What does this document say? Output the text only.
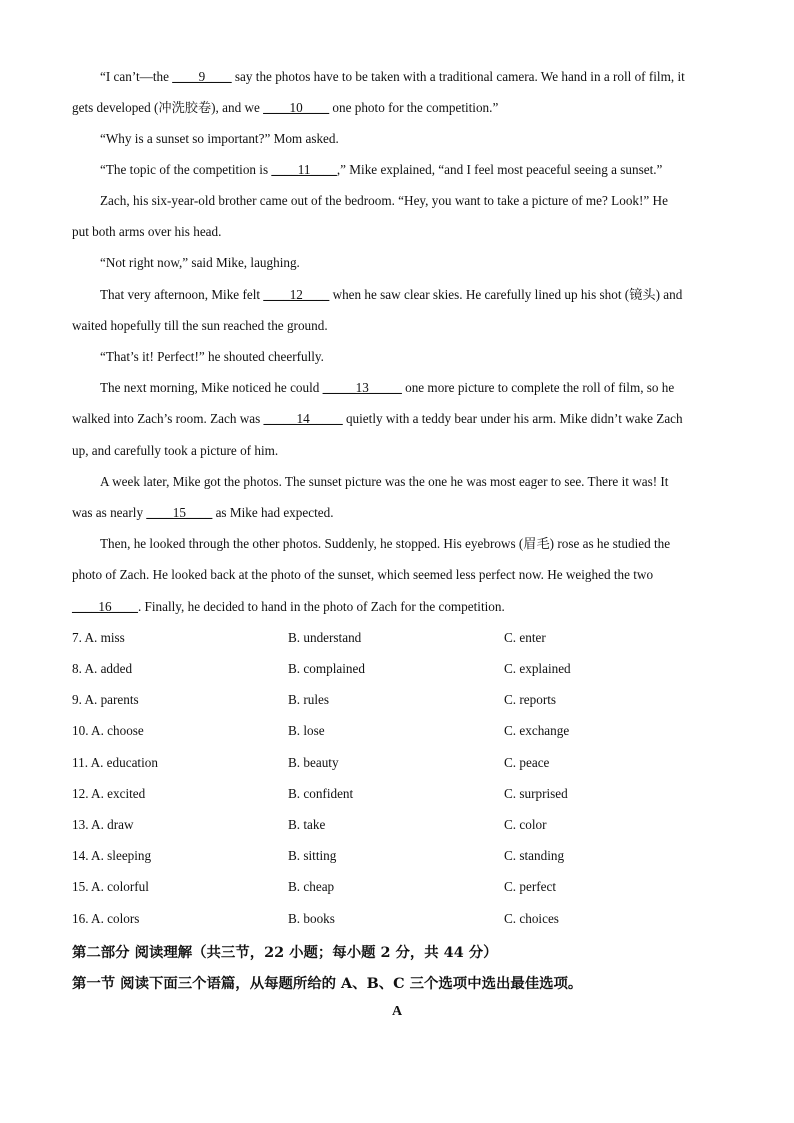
“I can’t—the ____9____ say the photos have to be taken with a traditional camera. We hand in a roll of film, it
gets developed (冲洗胶卷), and we ____10____ one photo for the competition.”
“Why is a sunset so important?” Mom asked.
“The topic of the competition is ____11____,” Mike explained, “and I feel most peaceful seeing a sunset.”
Zach, his six-year-old brother came out of the bedroom. “Hey, you want to take a picture of me? Look!” He
put both arms over his head.
“Not right now,” said Mike, laughing.
That very afternoon, Mike felt ____12____ when he saw clear skies. He carefully lined up his shot (镜头) and
waited hopefully till the sun reached the ground.
“That’s it! Perfect!” he shouted cheerfully.
The next morning, Mike noticed he could _____13_____ one more picture to complete the roll of film, so he
walked into Zach’s room. Zach was _____14_____ quietly with a teddy bear under his arm. Mike didn’t wake Zach
up, and carefully took a picture of him.
A week later, Mike got the photos. The sunset picture was the one he was most eager to see. There it was! It
was as nearly ____15____ as Mike had expected.
Then, he looked through the other photos. Suddenly, he stopped. His eyebrows (眉毛) rose as he studied the
photo of Zach. He looked back at the photo of the sunset, which seemed less perfect now. He weighed the two
____16____. Finally, he decided to hand in the photo of Zach for the competition.
7. A. miss	B. understand	C. enter
8. A. added	B. complained	C. explained
9. A. parents	B. rules	C. reports
10. A. choose	B. lose	C. exchange
11. A. education	B. beauty	C. peace
12. A. excited	B. confident	C. surprised
13. A. draw	B. take	C. color
14. A. sleeping	B. sitting	C. standing
15. A. colorful	B. cheap	C. perfect
16. A. colors	B. books	C. choices
第二部分 阅读理解（共三节，22 小题；每小题 2 分，共 44 分）
第一节 阅读下面三个语篇，从每题所给的 A、B、C 三个选项中选出最佳选项。
A
